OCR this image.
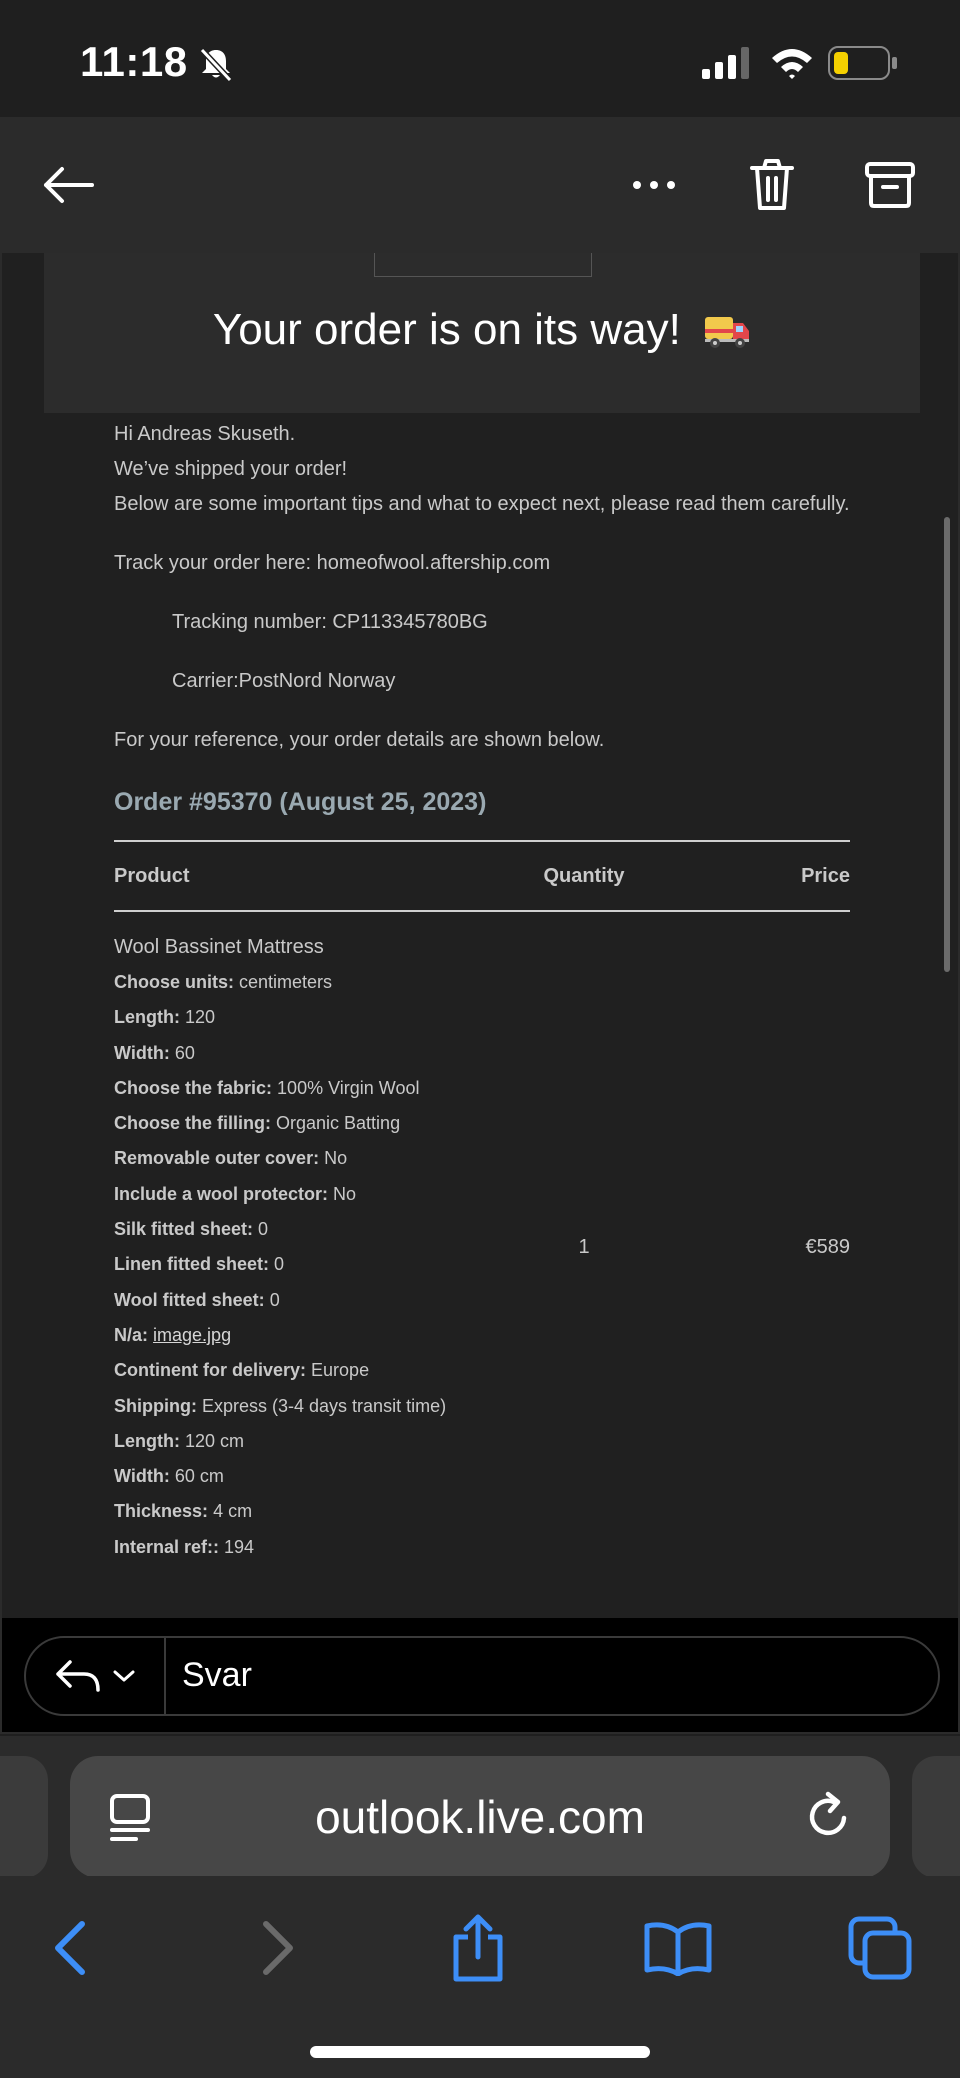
11:18
Your order is on its way!

Hi Andreas Skuseth.

We’ve shipped your order!

Below are some important tips and what to expect next, please read them carefully.

Track your order here: homeofwool.aftership.com

Tracking number: CP113345780BG

Carrier:PostNord Norway

For your reference, your order details are shown below.

Order #95370 (August 25, 2023)
Product	Quantity	Price
Wool Bassinet Mattress
Choose units: centimeters
Length: 120
Width: 60
Choose the fabric: 100% Virgin Wool
Choose the filling: Organic Batting
Removable outer cover: No
Include a wool protector: No
Silk fitted sheet: 0
Linen fitted sheet: 0
Wool fitted sheet: 0
N/a: image.jpg
Continent for delivery: Europe
Shipping: Express (3-4 days transit time)
Length: 120 cm
Width: 60 cm
Thickness: 4 cm
Internal ref:: 194
1	€589
Svar
outlook.live.com
